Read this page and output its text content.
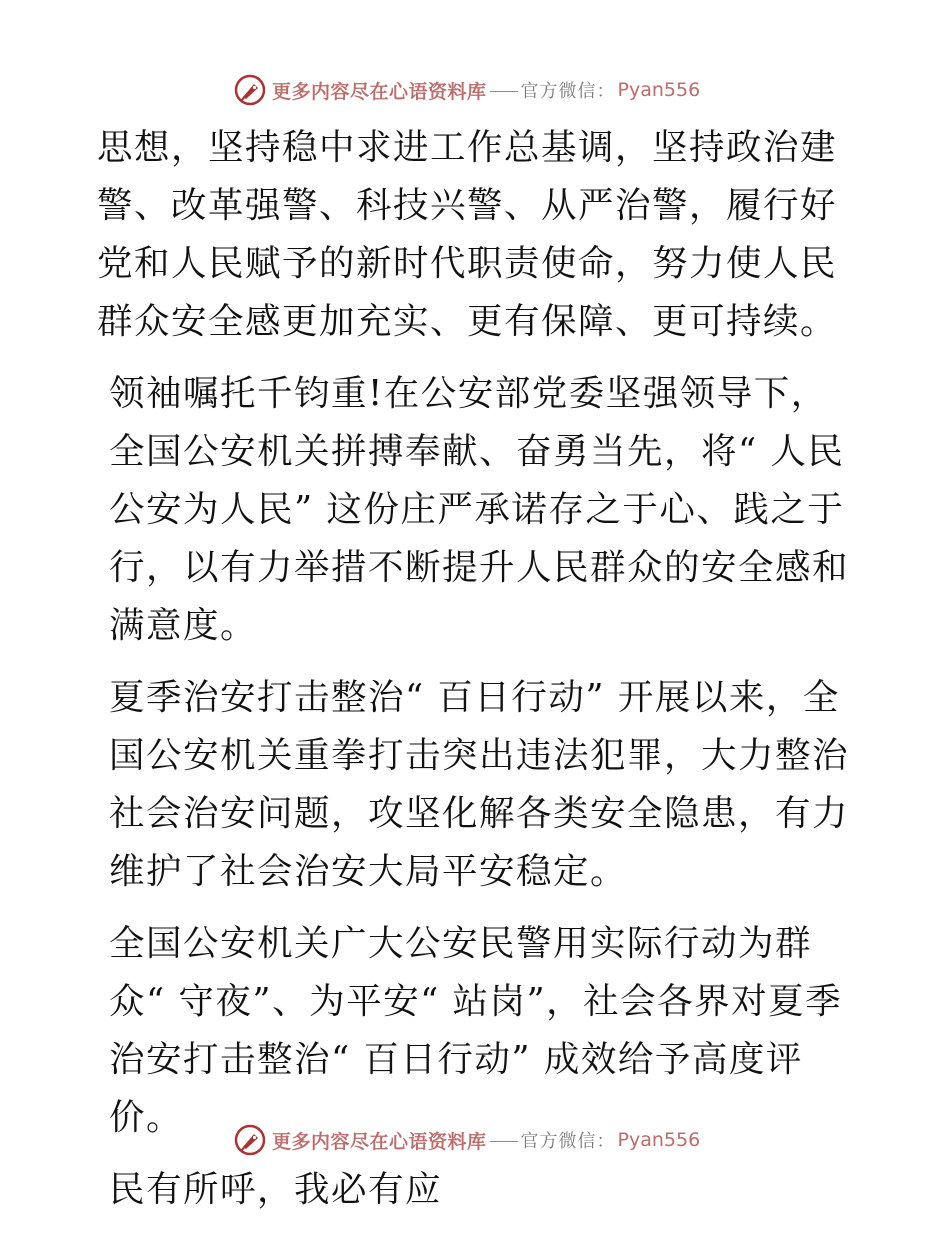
更多内容尽在心语资料库 官方微信： Pyan556

思想，坚持稳中求进工作总基调，坚持政治建警、改革强警、科技兴警、从严治警，履行好党和人民赋予的新时代职责使命，努力使人民群众安全感更加充实、更有保障、更可持续。

领袖嘱托千钧重!在公安部党委坚强领导下，全国公安机关拼搏奉献、奋勇当先，将“ 人民公安为人民” 这份庄严承诺存之于心、践之于行，以有力举措不断提升人民群众的安全感和满意度。

夏季治安打击整治“ 百日行动” 开展以来，全国公安机关重拳打击突出违法犯罪，大力整治社会治安问题，攻坚化解各类安全隐患，有力维护了社会治安大局平安稳定。

全国公安机关广大公安民警用实际行动为群众“ 守夜”、为平安“ 站岗”，社会各界对夏季治安打击整治“ 百日行动” 成效给予高度评价。

民有所呼，我必有应

更多内容尽在心语资料库 官方微信： Pyan556
